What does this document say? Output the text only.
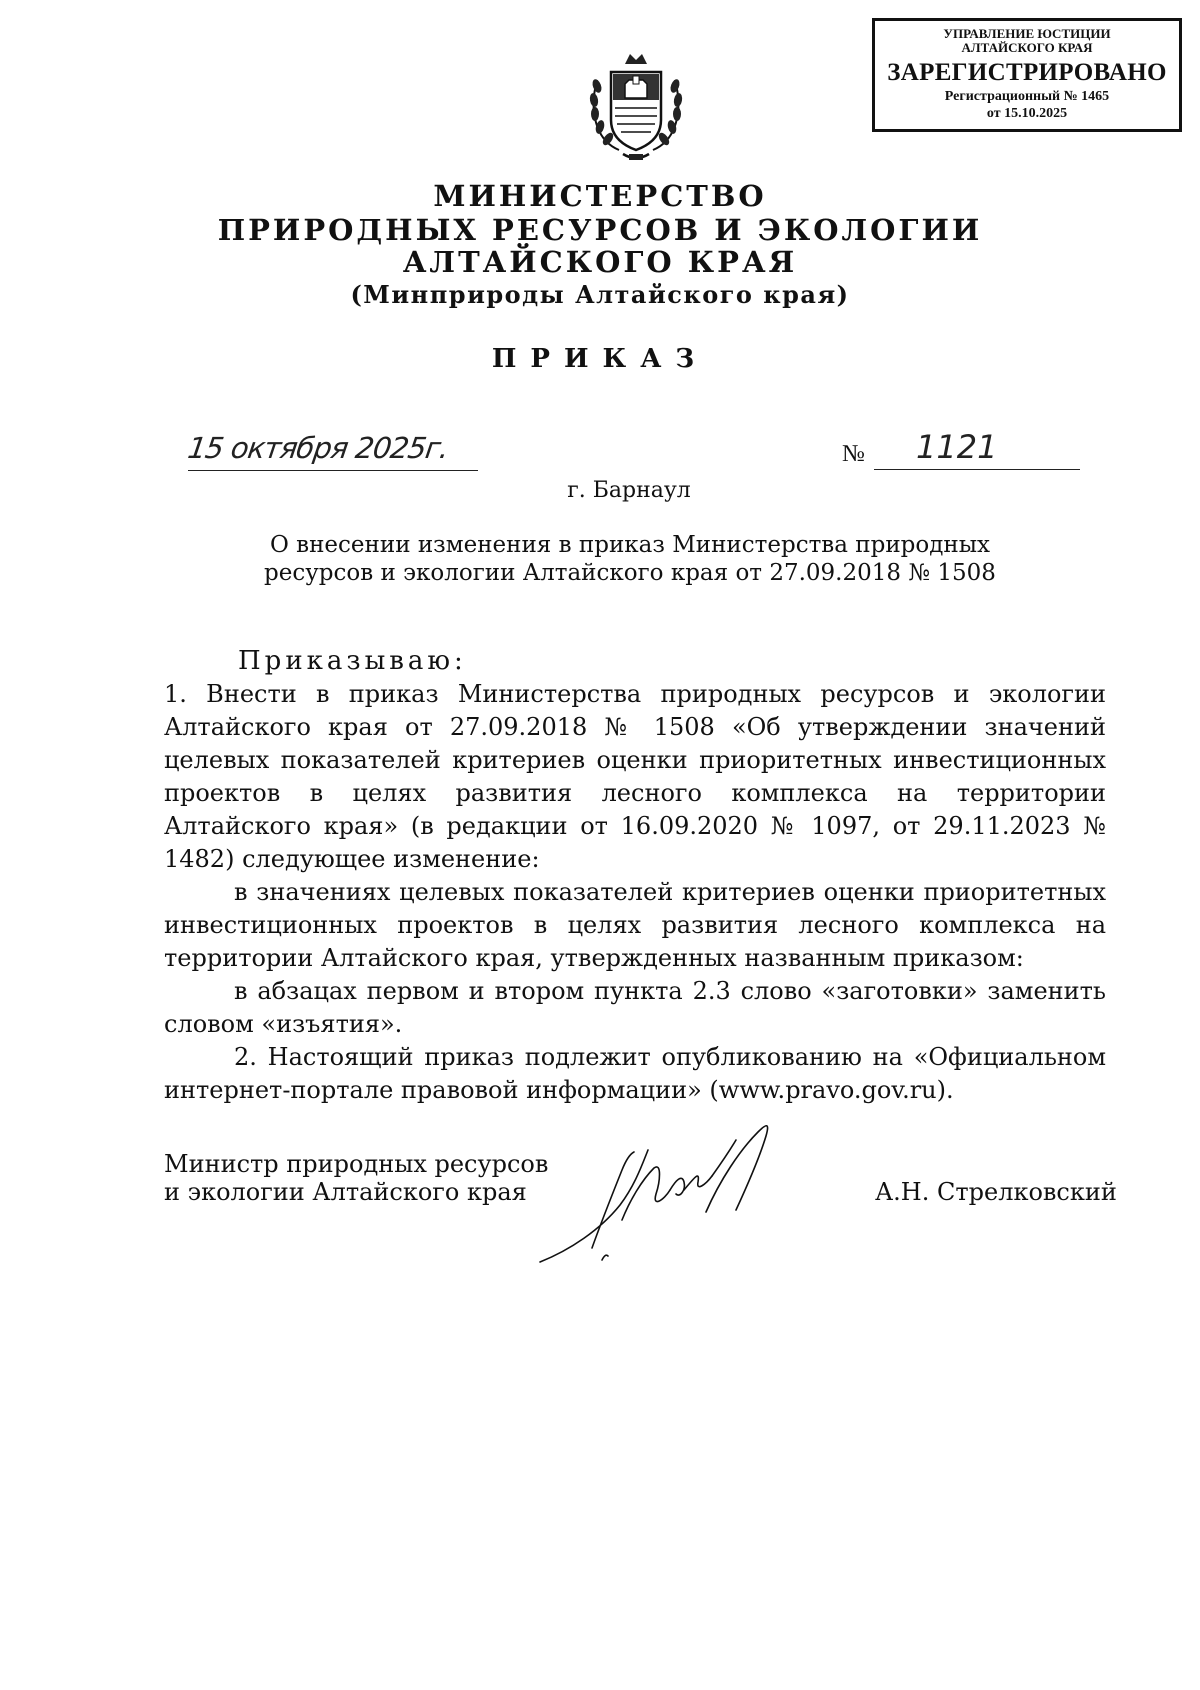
УПРАВЛЕНИЕ ЮСТИЦИИ
АЛТАЙСКОГО КРАЯ
ЗАРЕГИСТРИРОВАНО
Регистрационный № 1465
от 15.10.2025
МИНИСТЕРСТВО
ПРИРОДНЫХ РЕСУРСОВ И ЭКОЛОГИИ
АЛТАЙСКОГО КРАЯ
(Минприроды Алтайского края)
ПРИКАЗ
15 октября 2025г.	№ 1121
г. Барнаул
О внесении изменения в приказ Министерства природных
ресурсов и экологии Алтайского края от 27.09.2018 № 1508

Приказываю:

1. Внести в приказ Министерства природных ресурсов и экологии Алтайского края от 27.09.2018 № 1508 «Об утверждении значений целевых показателей критериев оценки приоритетных инвестиционных проектов в целях развития лесного комплекса на территории Алтайского края» (в редакции от 16.09.2020 № 1097, от 29.11.2023 № 1482) следующее изменение:

в значениях целевых показателей критериев оценки приоритетных инвестиционных проектов в целях развития лесного комплекса на территории Алтайского края, утвержденных названным приказом:

в абзацах первом и втором пункта 2.3 слово «заготовки» заменить словом «изъятия».

2. Настоящий приказ подлежит опубликованию на «Официальном интернет-портале правовой информации» (www.pravo.gov.ru).

Министр природных ресурсов
и экологии Алтайского края	А.Н. Стрелковский
